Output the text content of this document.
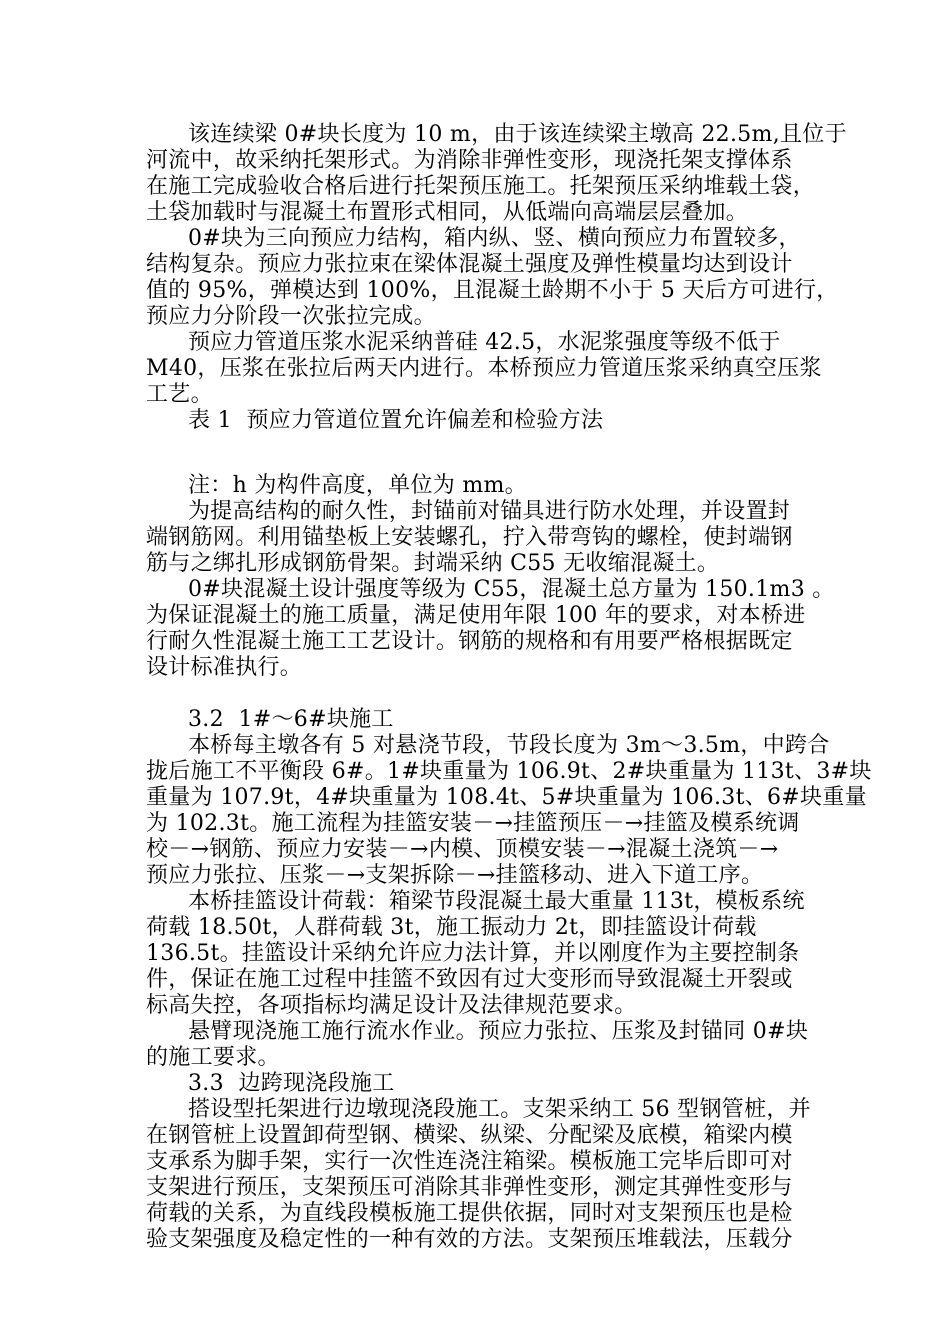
该连续梁 0#块长度为 10 m，由于该连续梁主墩高 22.5m,且位于
河流中，故采纳托架形式。为消除非弹性变形，现浇托架支撑体系
在施工完成验收合格后进行托架预压施工。托架预压采纳堆载土袋，
土袋加载时与混凝土布置形式相同，从低端向高端层层叠加。
0#块为三向预应力结构，箱内纵、竖、横向预应力布置较多，
结构复杂。预应力张拉束在梁体混凝土强度及弹性模量均达到设计
值的 95%，弹模达到 100%，且混凝土龄期不小于 5 天后方可进行，
预应力分阶段一次张拉完成。
预应力管道压浆水泥采纳普硅 42.5，水泥浆强度等级不低于
M40，压浆在张拉后两天内进行。本桥预应力管道压浆采纳真空压浆
工艺。
表 1  预应力管道位置允许偏差和检验方法
注：h 为构件高度，单位为 mm。
为提高结构的耐久性，封锚前对锚具进行防水处理，并设置封
端钢筋网。利用锚垫板上安装螺孔，拧入带弯钩的螺栓，使封端钢
筋与之绑扎形成钢筋骨架。封端采纳 C55 无收缩混凝土。
0#块混凝土设计强度等级为 C55，混凝土总方量为 150.1m3 。
为保证混凝土的施工质量，满足使用年限 100 年的要求，对本桥进
行耐久性混凝土施工工艺设计。钢筋的规格和有用要严格根据既定
设计标准执行。
3.2  1#～6#块施工
本桥每主墩各有 5 对悬浇节段，节段长度为 3m～3.5m，中跨合
拢后施工不平衡段 6#。1#块重量为 106.9t、2#块重量为 113t、3#块
重量为 107.9t，4#块重量为 108.4t、5#块重量为 106.3t、6#块重量
为 102.3t。施工流程为挂篮安装－→挂篮预压－→挂篮及模系统调
校－→钢筋、预应力安装－→内模、顶模安装－→混凝土浇筑－→
预应力张拉、压浆－→支架拆除－→挂篮移动、进入下道工序。
本桥挂篮设计荷载：箱梁节段混凝土最大重量 113t，模板系统
荷载 18.50t，人群荷载 3t，施工振动力 2t，即挂篮设计荷载
136.5t。挂篮设计采纳允许应力法计算，并以刚度作为主要控制条
件，保证在施工过程中挂篮不致因有过大变形而导致混凝土开裂或
标高失控，各项指标均满足设计及法律规范要求。
悬臂现浇施工施行流水作业。预应力张拉、压浆及封锚同 0#块
的施工要求。
3.3  边跨现浇段施工
搭设型托架进行边墩现浇段施工。支架采纳工 56 型钢管桩，并
在钢管桩上设置卸荷型钢、横梁、纵梁、分配梁及底模，箱梁内模
支承系为脚手架，实行一次性连浇注箱梁。模板施工完毕后即可对
支架进行预压，支架预压可消除其非弹性变形，测定其弹性变形与
荷载的关系，为直线段模板施工提供依据，同时对支架预压也是检
验支架强度及稳定性的一种有效的方法。支架预压堆载法，压载分
